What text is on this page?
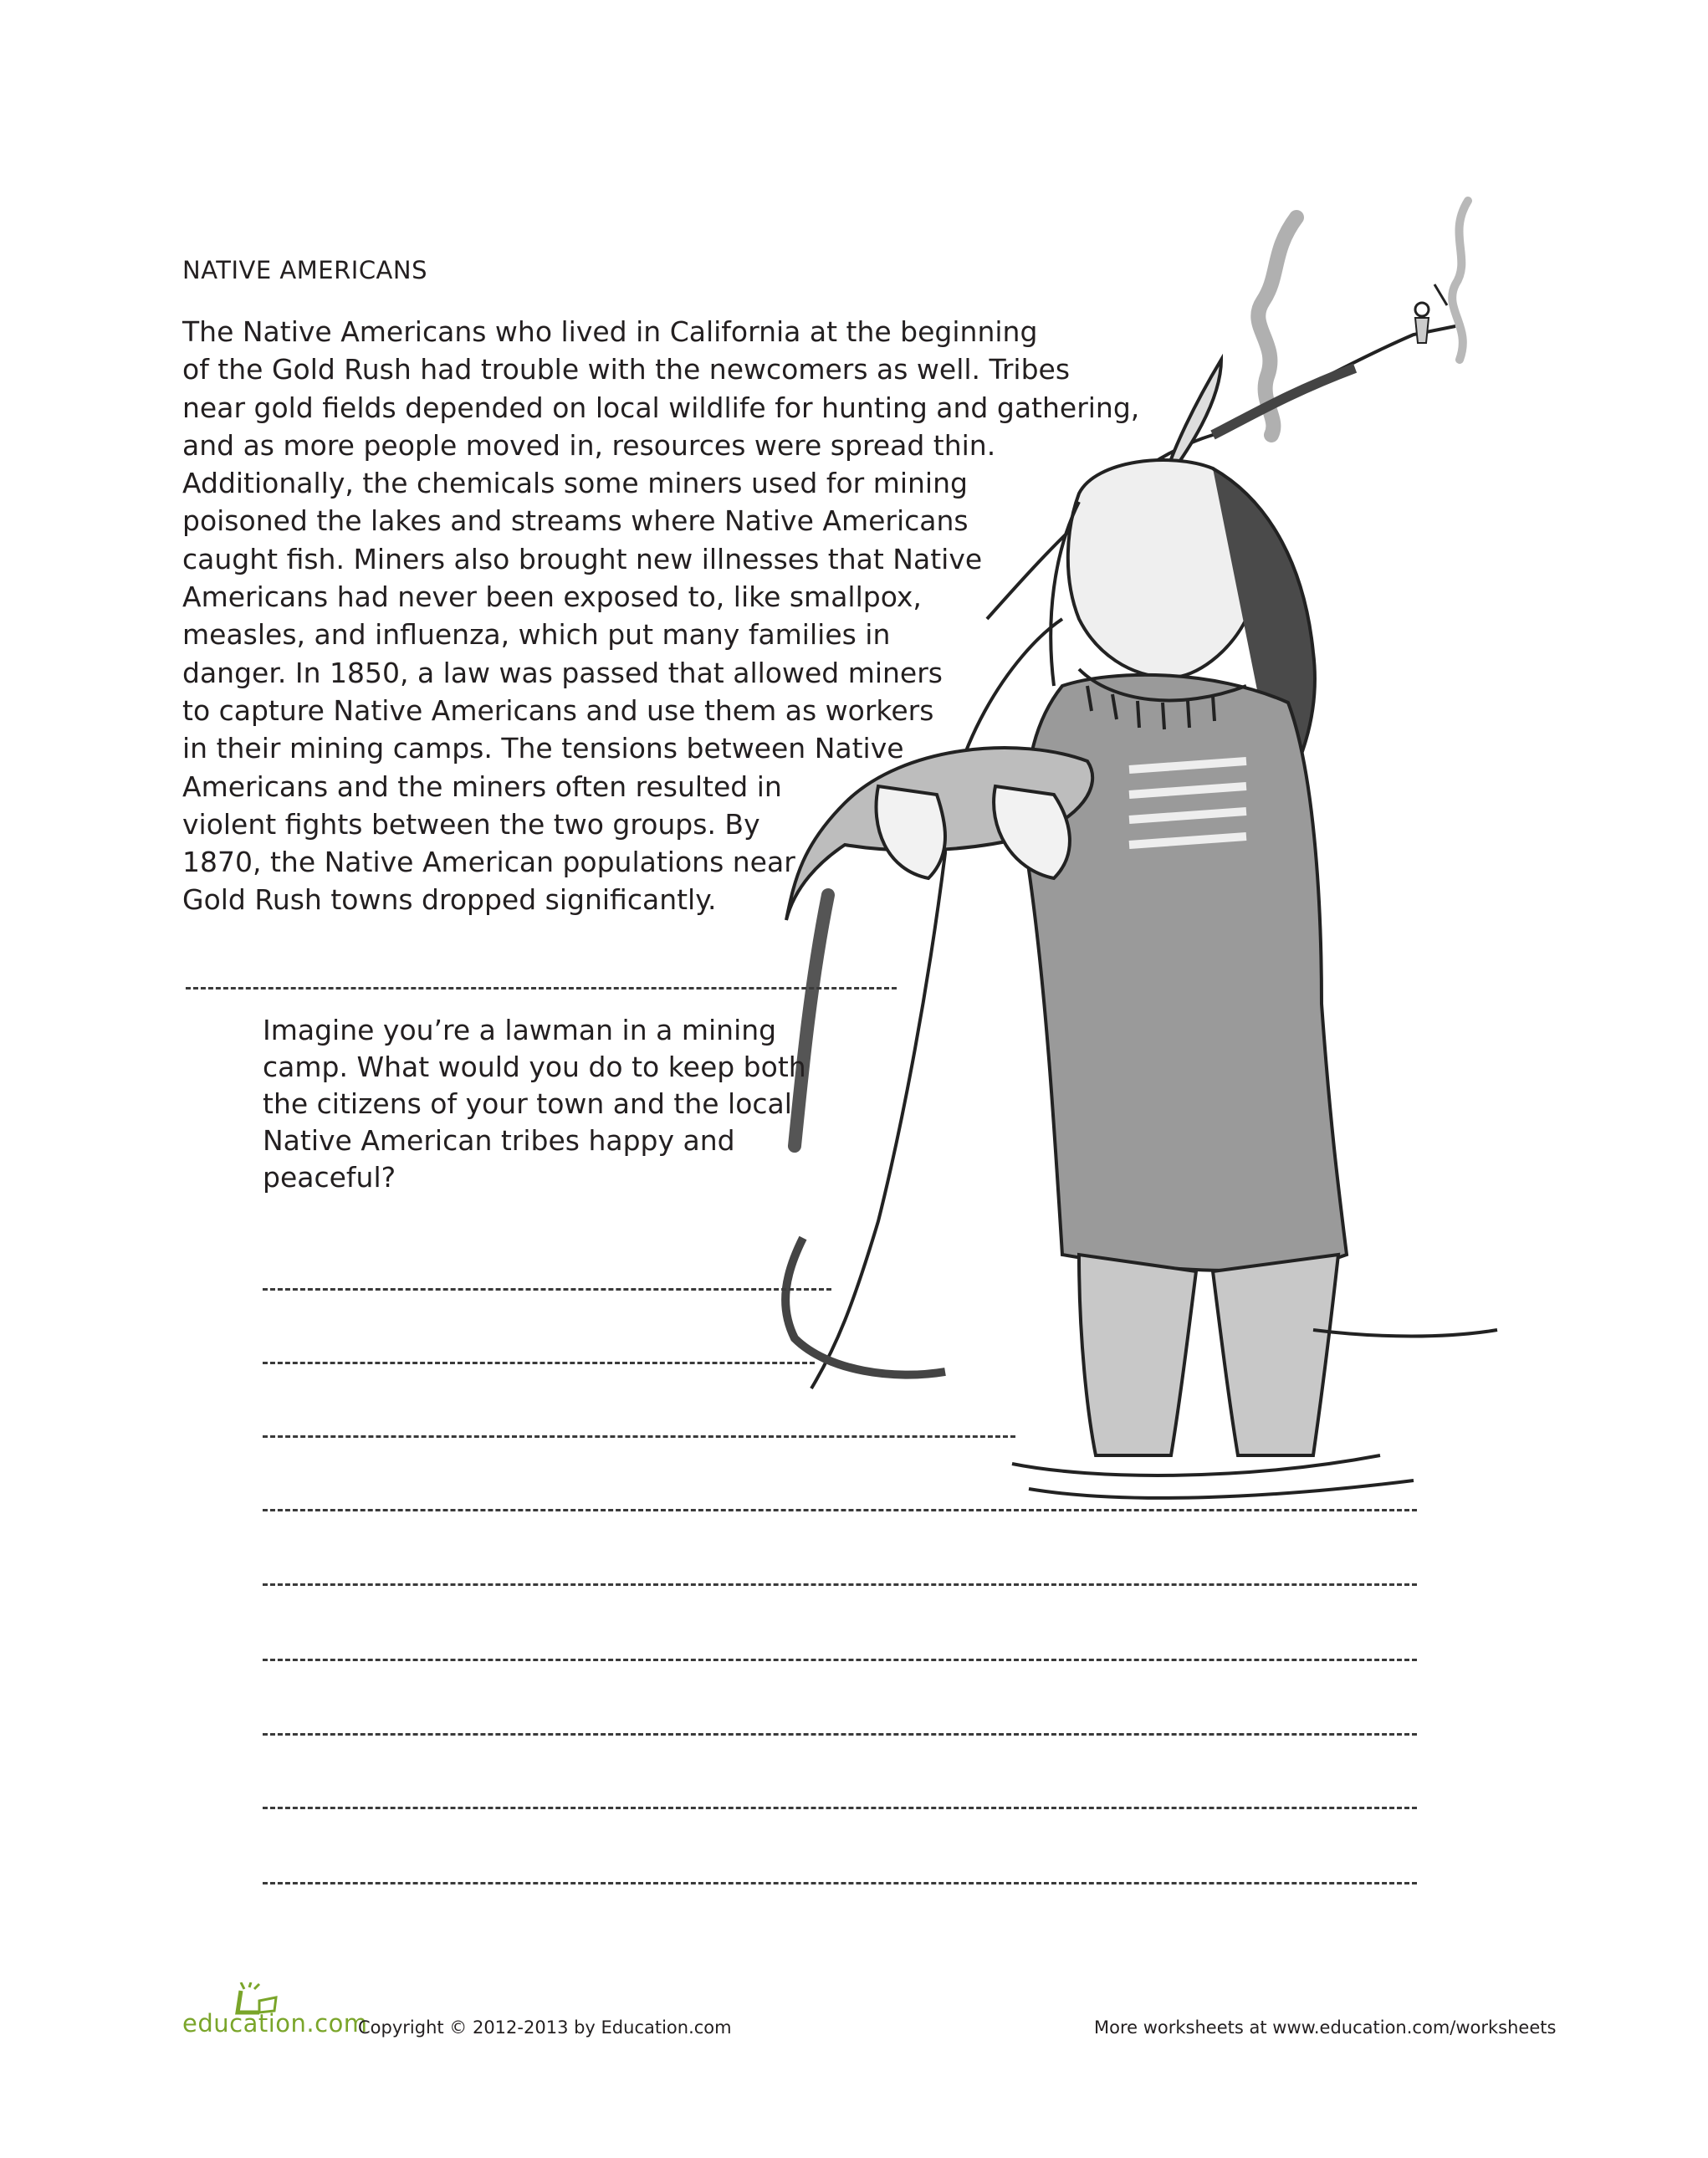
NATIVE AMERICANS
The Native Americans who lived in California at the beginning
of the Gold Rush had trouble with the newcomers as well. Tribes
near gold fields depended on local wildlife for hunting and gathering,
and as more people moved in, resources were spread thin.
Additionally, the chemicals some miners used for mining
poisoned the lakes and streams where Native Americans
caught fish. Miners also brought new illnesses that Native
Americans had never been exposed to, like smallpox,
measles, and influenza, which put many families in
danger. In 1850, a law was passed that allowed miners
to capture Native Americans and use them as workers
in their mining camps. The tensions between Native
Americans and the miners often resulted in
violent fights between the two groups. By
1870, the Native American populations near
Gold Rush towns dropped significantly.
Imagine you’re a lawman in a mining
camp. What would you do to keep both
the citizens of your town and the local
Native American tribes happy and
peaceful?
education.com
Copyright © 2012-2013 by Education.com	More worksheets at www.education.com/worksheets
